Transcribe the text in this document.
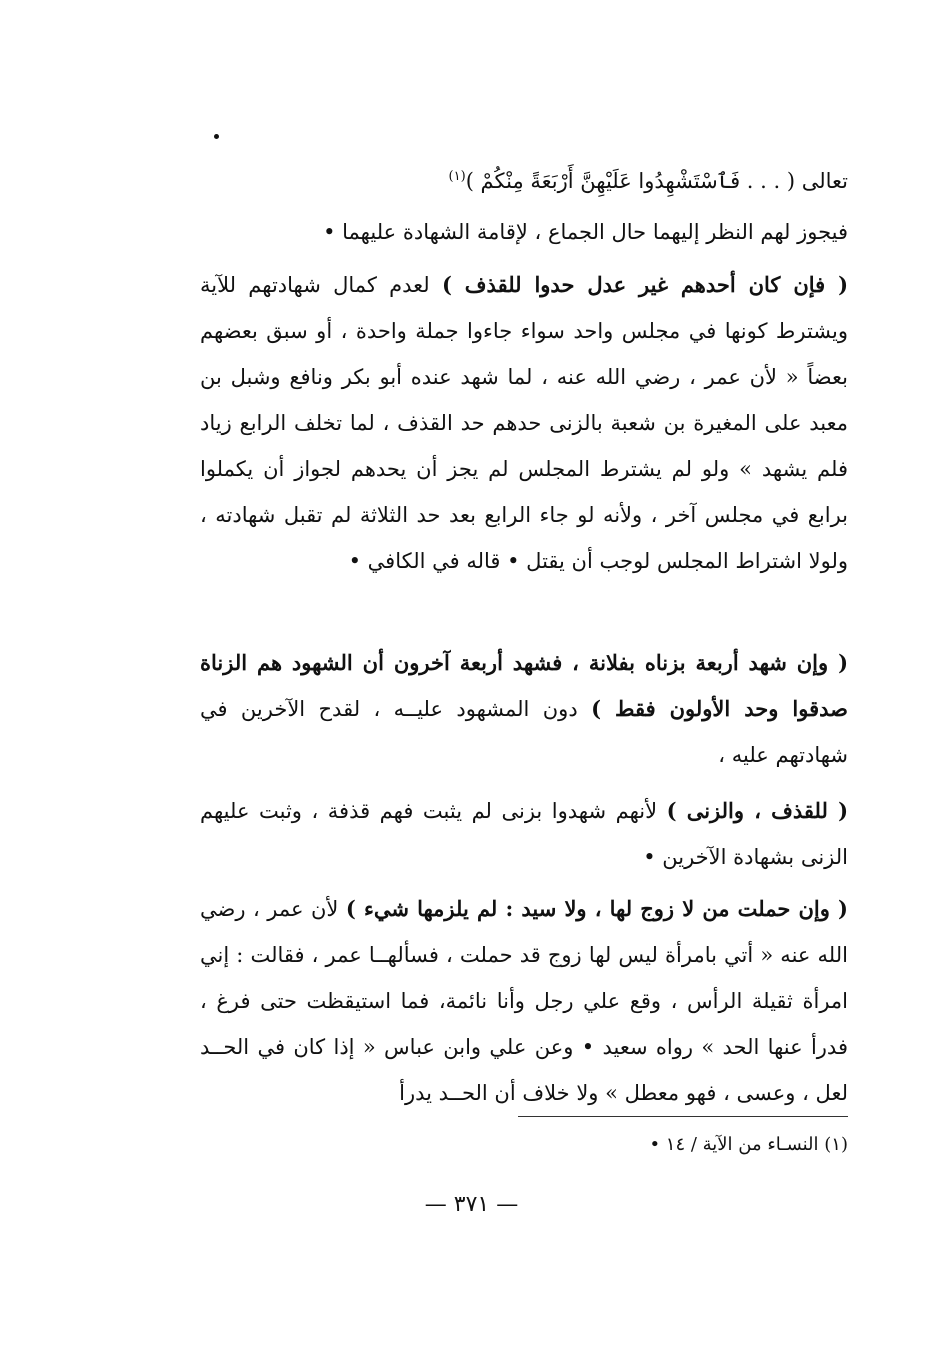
تعالى ( . . . فَٱسْتَشْهِدُوا عَلَيْهِنَّ أَرْبَعَةً مِنْكُمْ )$^{(١)}$
فيجوز لهم النظر إليهما حال الجماع ، لإقامة الشهادة عليهما •
( فإن كان أحدهم غير عدل حدوا للقذف ) لعدم كمال شهادتهم للآية ويشترط كونها في مجلس واحد سواء جاءوا جملة واحدة ، أو سبق بعضهم بعضاً « لأن عمر ، رضي الله عنه ، لما شهد عنده أبو بكر ونافع وشبل بن معبد على المغيرة بن شعبة بالزنى حدهم حد القذف ، لما تخلف الرابع زياد فلم يشهد » ولو لم يشترط المجلس لم يجز أن يحدهم لجواز أن يكملوا برابع في مجلس آخر ، ولأنه لو جاء الرابع بعد حد الثلاثة لم تقبل شهادته ، ولولا اشتراط المجلس لوجب أن يقتل • قاله في الكافي •
( وإن شهد أربعة بزناه بفلانة ، فشهد أربعة آخرون أن الشهود هم الزناة صدقوا وحد الأولون فقط ) دون المشهود عليــه ، لقدح الآخرين في شهادتهم عليه ،
( للقذف ، والزنى ) لأنهم شهدوا بزنى لم يثبت فهم قذفة ، وثبت عليهم الزنى بشهادة الآخرين •
( وإن حملت من لا زوج لها ، ولا سيد : لم يلزمها شيء ) لأن عمر ، رضي الله عنه « أتي بامرأة ليس لها زوج قد حملت ، فسألهــا عمر ، فقالت : إني امرأة ثقيلة الرأس ، وقع علي رجل وأنا نائمة، فما استيقظت حتى فرغ ، فدرأ عنها الحد » رواه سعيد • وعن علي وابن عباس « إذا كان في الحــد لعل ، وعسى ، فهو معطل » ولا خلاف أن الحــد يدرأ
(١) النسـاء من الآية / ١٤ •
— ٣٧١ —
